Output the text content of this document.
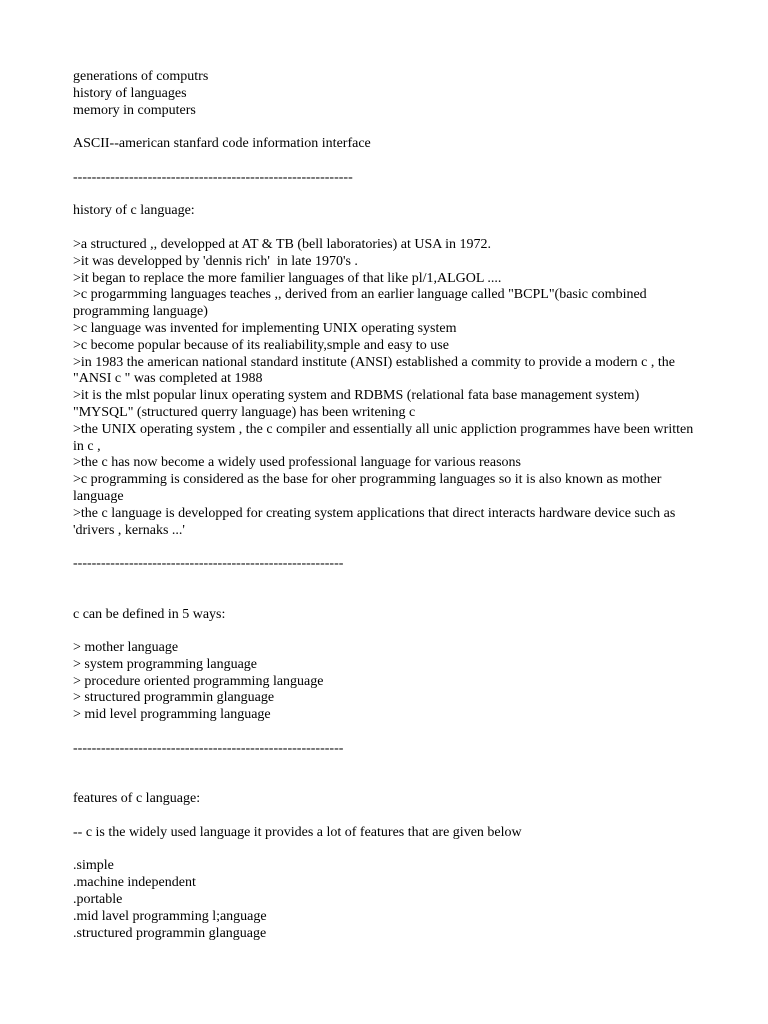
generations of computrs

history of languages

memory in computers

ASCII--american stanfard code information interface

------------------------------------------------------------

history of c language:

>a structured ,, developped at AT & TB (bell laboratories) at USA in 1972.

>it was developped by 'dennis rich'  in late 1970's .

>it began to replace the more familier languages of that like pl/1,ALGOL ....

>c progarmming languages teaches ,, derived from an earlier language called "BCPL"(basic combined programming language)

>c language was invented for implementing UNIX operating system

>c become popular because of its realiability,smple and easy to use

>in 1983 the american national standard institute (ANSI) established a commity to provide a modern c , the "ANSI c " was completed at 1988

>it is the mlst popular linux operating system and RDBMS (relational fata base management system) "MYSQL" (structured querry language) has been writening c

>the UNIX operating system , the c compiler and essentially all unic appliction programmes have been written in c ,

>the c has now become a widely used professional language for various reasons

>c programming is considered as the base for oher programming languages so it is also known as mother language

>the c language is developped for creating system applications that direct interacts hardware device such as 'drivers , kernaks ...'

----------------------------------------------------------

c can be defined in 5 ways:

> mother language

> system programming language

> procedure oriented programming language

> structured programmin glanguage

> mid level programming language

----------------------------------------------------------

features of c language:

-- c is the widely used language it provides a lot of features that are given below

.simple

.machine independent

.portable

.mid lavel programming l;anguage

.structured programmin glanguage
